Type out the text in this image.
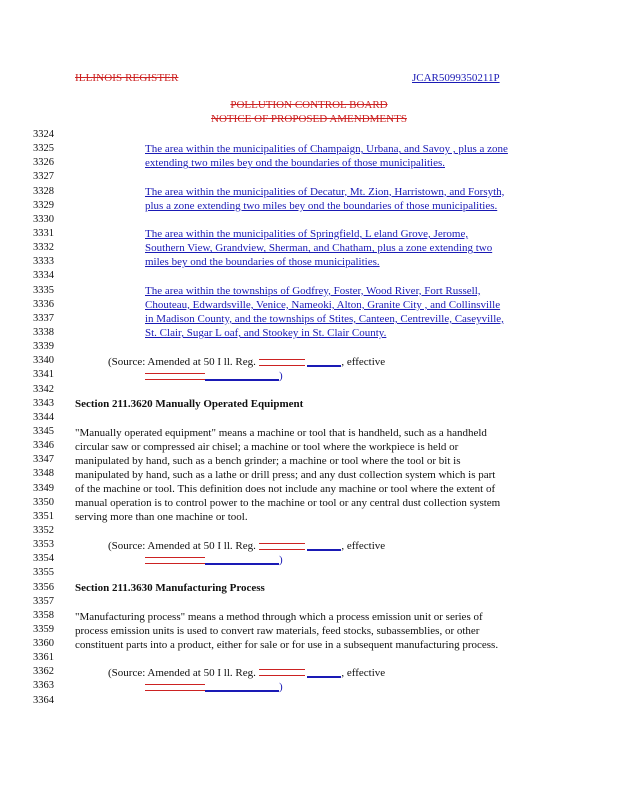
ILLINOIS REGISTER	JCAR5099350211P
POLLUTION CONTROL BOARD
NOTICE OF PROPOSED AMENDMENTS
3324
3325
3326
3327
3328
3329
3330
3331
3332
3333
3334
3335
3336
3337
3338
3339
3340
3341
3342
3343
3344
3345
3346
3347
3348
3349
3350
3351
3352
3353
3354
3355
3356
3357
3358
3359
3360
3361
3362
3363
3364
The area within the municipalities of Champaign, Urbana, and Savoy , plus a zone
extending two miles bey ond the boundaries of those municipalities.
The area within the municipalities of Decatur, Mt. Zion, Harristown, and Forsyth,
plus a zone extending two miles bey ond the boundaries of those municipalities.
The area within the municipalities of Springfield, L eland Grove, Jerome,
Southern View, Grandview, Sherman, and Chatham, plus a zone extending two
miles bey ond the boundaries of those municipalities.
The area within the townships of Godfrey, Foster, Wood River, Fort Russell,
Chouteau, Edwardsville, Venice, Nameoki, Alton, Granite City , and Collinsville
in Madison County, and the townships of Stites, Canteen, Centreville, Caseyville,
St. Clair, Sugar L oaf, and Stookey in St. Clair County.
(Source: Amended at 50 I ll. Reg.	, effective
)
Section 211.3620 Manually Operated Equipment
"Manually operated equipment" means a machine or tool that is handheld, such as a handheld
circular saw or compressed air chisel; a machine or tool where the workpiece is held or
manipulated by hand, such as a bench grinder; a machine or tool where the tool or bit is
manipulated by hand, such as a lathe or drill press; and any dust collection system which is part
of the machine or tool. This definition does not include any machine or tool where the extent of
manual operation is to control power to the machine or tool or any central dust collection system
serving more than one machine or tool.
(Source: Amended at 50 I ll. Reg.	, effective
)
Section 211.3630 Manufacturing Process
"Manufacturing process" means a method through which a process emission unit or series of
process emission units is used to convert raw materials, feed stocks, subassemblies, or other
constituent parts into a product, either for sale or for use in a subsequent manufacturing process.
(Source: Amended at 50 I ll. Reg.	, effective
)
